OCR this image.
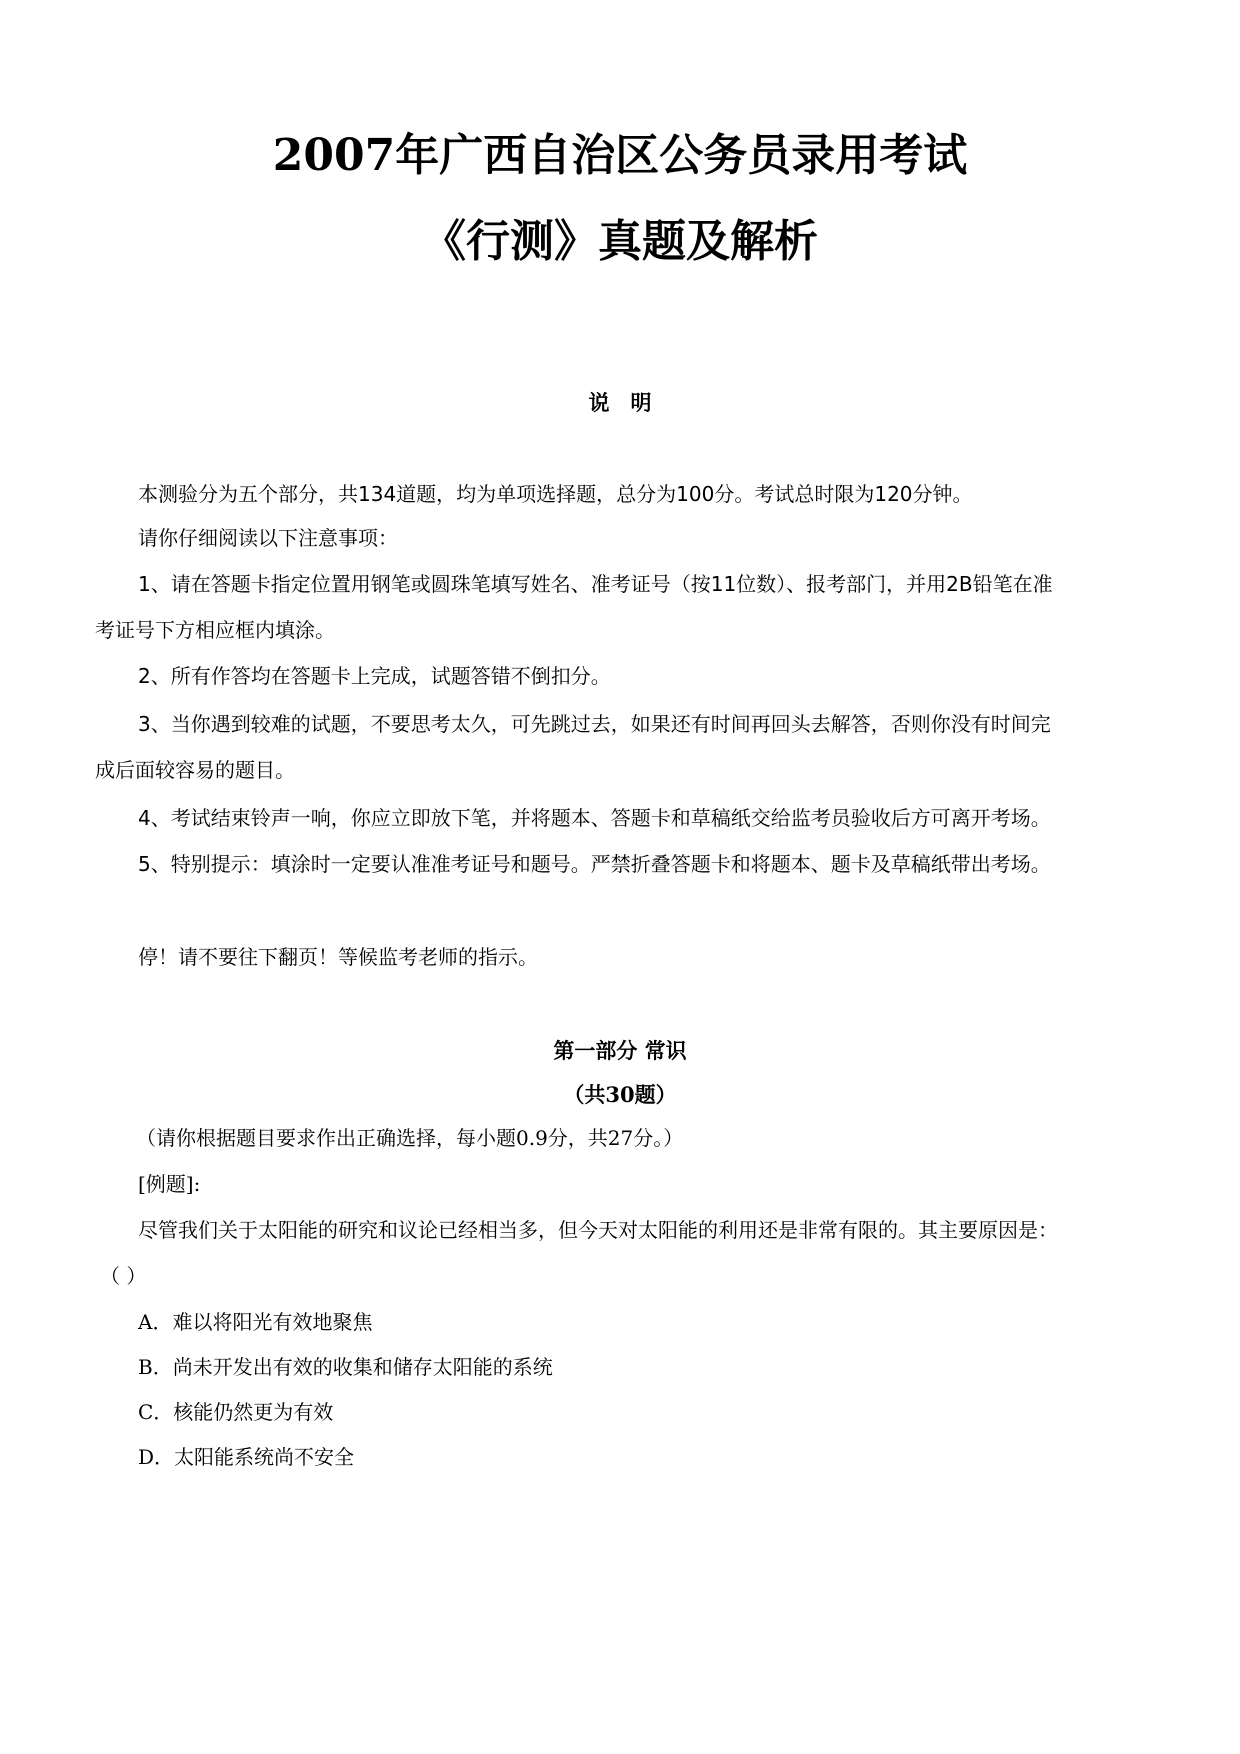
2007年广西自治区公务员录用考试
《行测》真题及解析
说　明
本测验分为五个部分，共134道题，均为单项选择题，总分为100分。考试总时限为120分钟。
请你仔细阅读以下注意事项：
1、请在答题卡指定位置用钢笔或圆珠笔填写姓名、准考证号（按11位数）、报考部门，并用2B铅笔在准
考证号下方相应框内填涂。
2、所有作答均在答题卡上完成，试题答错不倒扣分。
3、当你遇到较难的试题，不要思考太久，可先跳过去，如果还有时间再回头去解答，否则你没有时间完
成后面较容易的题目。
4、考试结束铃声一响，你应立即放下笔，并将题本、答题卡和草稿纸交给监考员验收后方可离开考场。
5、特别提示：填涂时一定要认准准考证号和题号。严禁折叠答题卡和将题本、题卡及草稿纸带出考场。
停！请不要往下翻页！等候监考老师的指示。
第一部分 常识
（共30题）
（请你根据题目要求作出正确选择，每小题0.9分，共27分。）
[例题]:
尽管我们关于太阳能的研究和议论已经相当多，但今天对太阳能的利用还是非常有限的。其主要原因是：
（ ）
A．难以将阳光有效地聚焦
B．尚未开发出有效的收集和储存太阳能的系统
C．核能仍然更为有效
D．太阳能系统尚不安全
